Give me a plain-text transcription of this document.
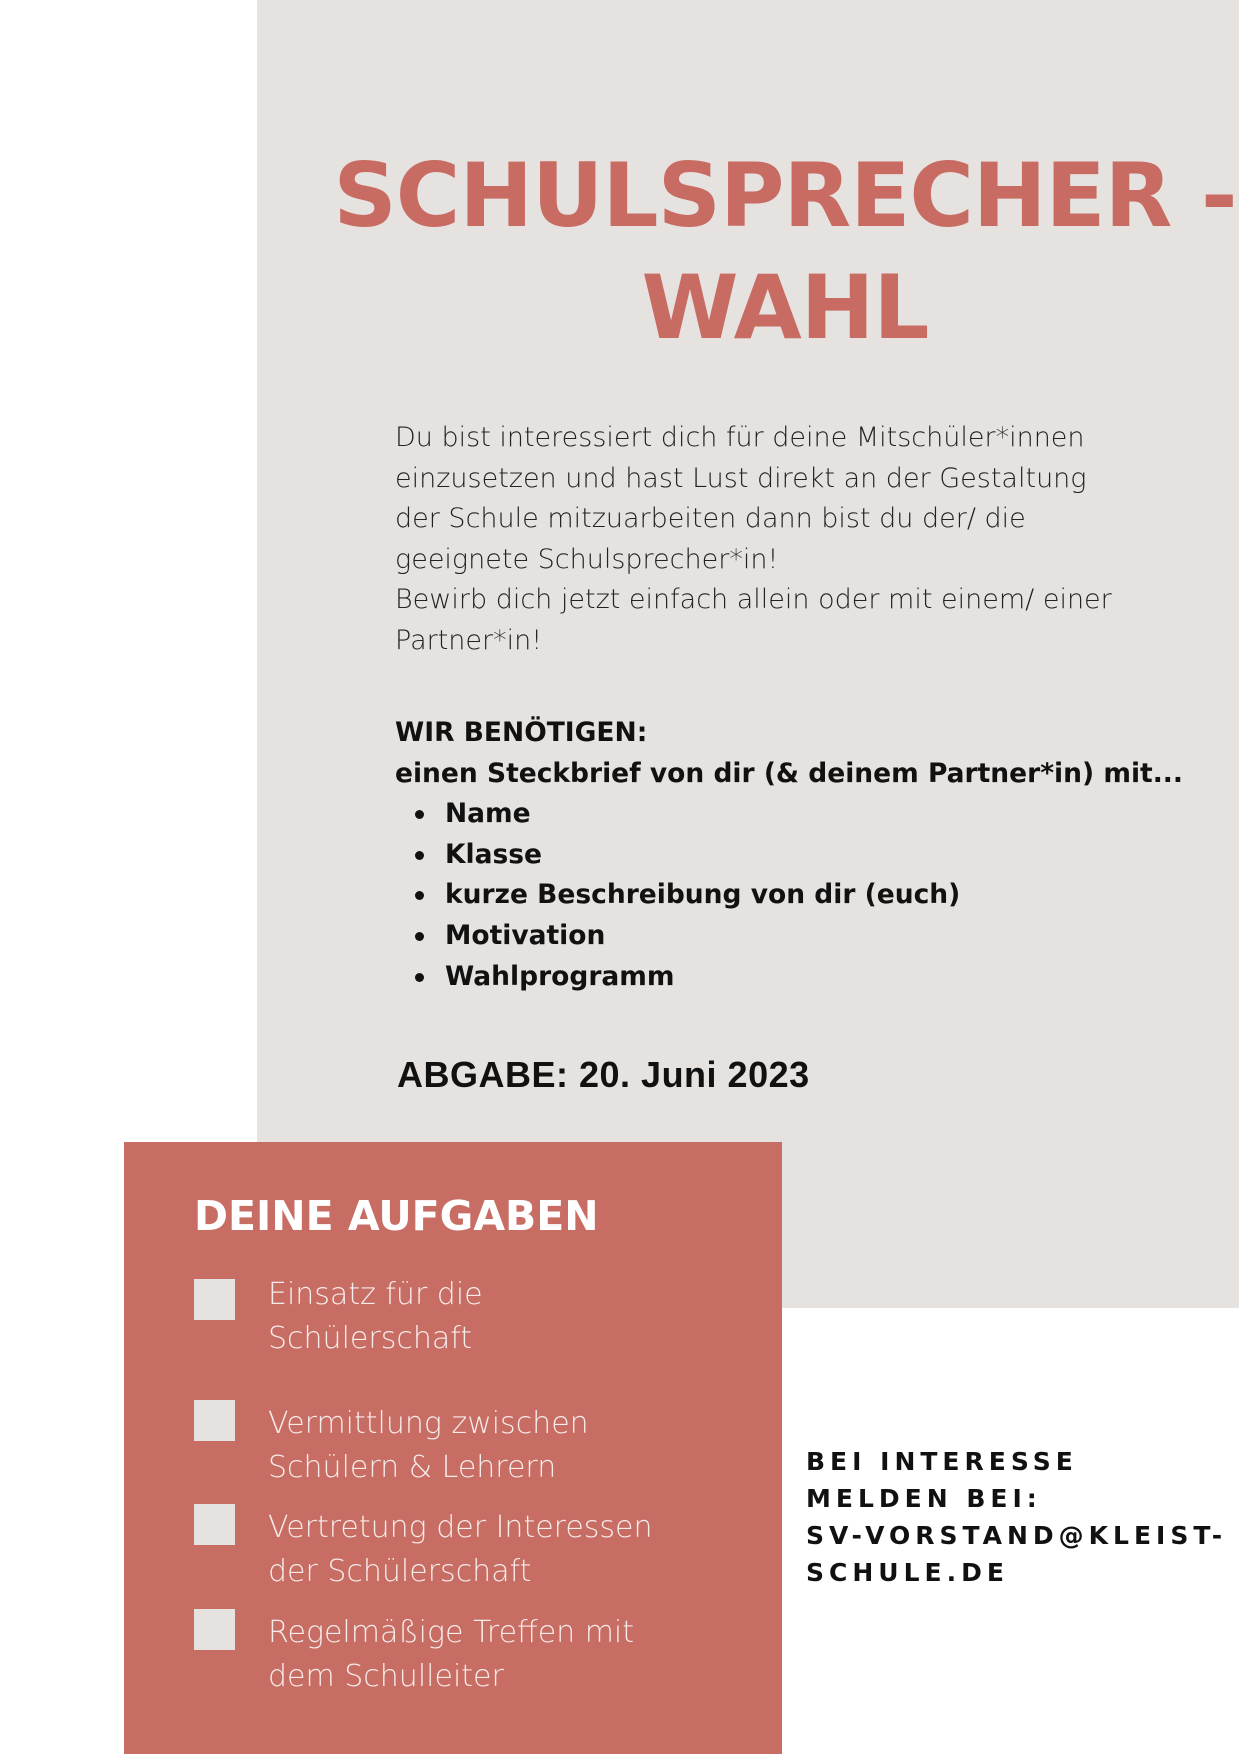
SCHULSPRECHER -
WAHL

Du bist interessiert dich für deine Mitschüler*innen
einzusetzen und hast Lust direkt an der Gestaltung
der Schule mitzuarbeiten dann bist du der/ die
geeignete Schulsprecher*in!
Bewirb dich jetzt einfach allein oder mit einem/ einer
Partner*in!

WIR BENÖTIGEN:
einen Steckbrief von dir (& deinem Partner*in) mit...
Name
Klasse
kurze Beschreibung von dir (euch)
Motivation
Wahlprogramm

ABGABE: 20. Juni 2023

DEINE AUFGABEN
Einsatz für die
Schülerschaft
Vermittlung zwischen
Schülern & Lehrern
Vertretung der Interessen
der Schülerschaft
Regelmäßige Treffen mit
dem Schulleiter
BEI INTERESSE
MELDEN BEI:
SV-VORSTAND@KLEIST-
SCHULE.DE
